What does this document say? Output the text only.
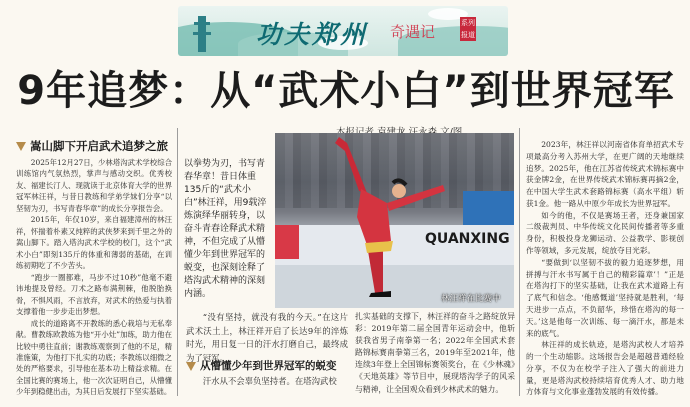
功夫郑州 奇遇记	系列
报道
9年追梦：从“武术小白”到世界冠军
嵩山脚下开启武术追梦之旅

2025年12月27日，少林塔沟武术学校综合训练馆内气氛热烈，掌声与感动交织。优秀校友、福建长汀人、现就读于北京体育大学的世界冠军林汪祥，与昔日教练和学弟学妹们分享“以坚韧为刃，书写青春华章”的成长分享报告会。

2015年，年仅10岁，来自福建漳州的林汪祥，怀揣着朴素又纯粹的武侠梦来到千里之外的嵩山脚下。踏入塔沟武术学校的校门，这个“武术小白”即刻135斤的体重和薄弱的基础，在训练初期吃了不少苦头。

“跑步一圈都难，马步不过10秒”他毫不避讳地提及曾经。刀术之路布满荆棘，他脱胎换骨，不惧风雨，不言放弃，对武术的热爱与执着支撑着他一步步走出梦想。

成长的道路离不开教练的悉心栽培与无私奉献。曹教练欧教练为他“开小灶”加练，助力他在比较中勇往直前；谢教练观察到了他的不足，精准施策，为他打下扎实的功底；李教练以细微之处的严格要求，引导他在基本功上精益求精。在全国比赛的赛场上，他一次次证明自己，从懵懂少年到稳健出击，为其日后发展打下坚实基础。

以拳势为刃，书写青春华章！昔日体重135斤的“武术小白”林汪祥，用9载淬炼演绎华丽转身，以奋斗青春诠释武术精神，不但完成了从懵懂少年到世界冠军的蜕变，也深刻诠释了塔沟武术精神的深刻内涵。
QUANXING
林汪祥在比赛中

“没有坚持，就没有我的今天。”在这片武术沃土上，林汪祥开启了长达9年的淬炼时光，用日复一日的汗水打磨自己，最终成为了冠军。

从懵懂少年到世界冠军的蜕变

汗水从不会辜负坚持者。在塔沟武校

扎实基础的支撑下，林汪祥的奋斗之路绽放异彩：2019年第二届全国青年运动会中，他斩获我省男子南拳第一名；2022年全国武术套路锦标赛南拳第三名，2019年至2021年，他连续3年登上全国锦标赛领奖台，在《少林魂》《天地英雄》等节目中，展现塔沟学子的风采与精神，让全国观众看到少林武术的魅力。

2023年，林汪祥以河南省体育单招武术专项最高分考入苏州大学，在更广阔的天地继续追梦。2025年，他在江苏省传统武术锦标赛中获金牌2金，在世界传统武术锦标赛再摘2金，在中国大学生武术套路锦标赛（高水平组）斩获1金。他一路从中原少年成长为世界冠军。

如今的他，不仅是赛场王者，还身兼国家二级裁判员、中华传统文化民间传播者等多重身份，积极投身龙狮运动、公益教学、影视创作等领域，多元发展，绽放夺目光彩。

“要做到‘以坚韧不拔的毅力追逐梦想，用拼搏与汗水书写属于自己的精彩篇章’！”正是在塔沟打下的坚实基础，让我在武术道路上有了底气和信念。‘他感慨道’坚持就是胜利，‘每天进步一点点，不负韶华，珍惜在塔沟的每一天。’这是他每一次训练、每一滴汗水，都是未来的底气。

林汪祥的成长轨迹，是塔沟武校人才培养的一个生动缩影。这场报告会是超越普通经验分享，不仅为在校学子注入了强大的前进力量，更是塔沟武校持续培育优秀人才、助力地方体育与文化事业蓬勃发展的有效传播。
